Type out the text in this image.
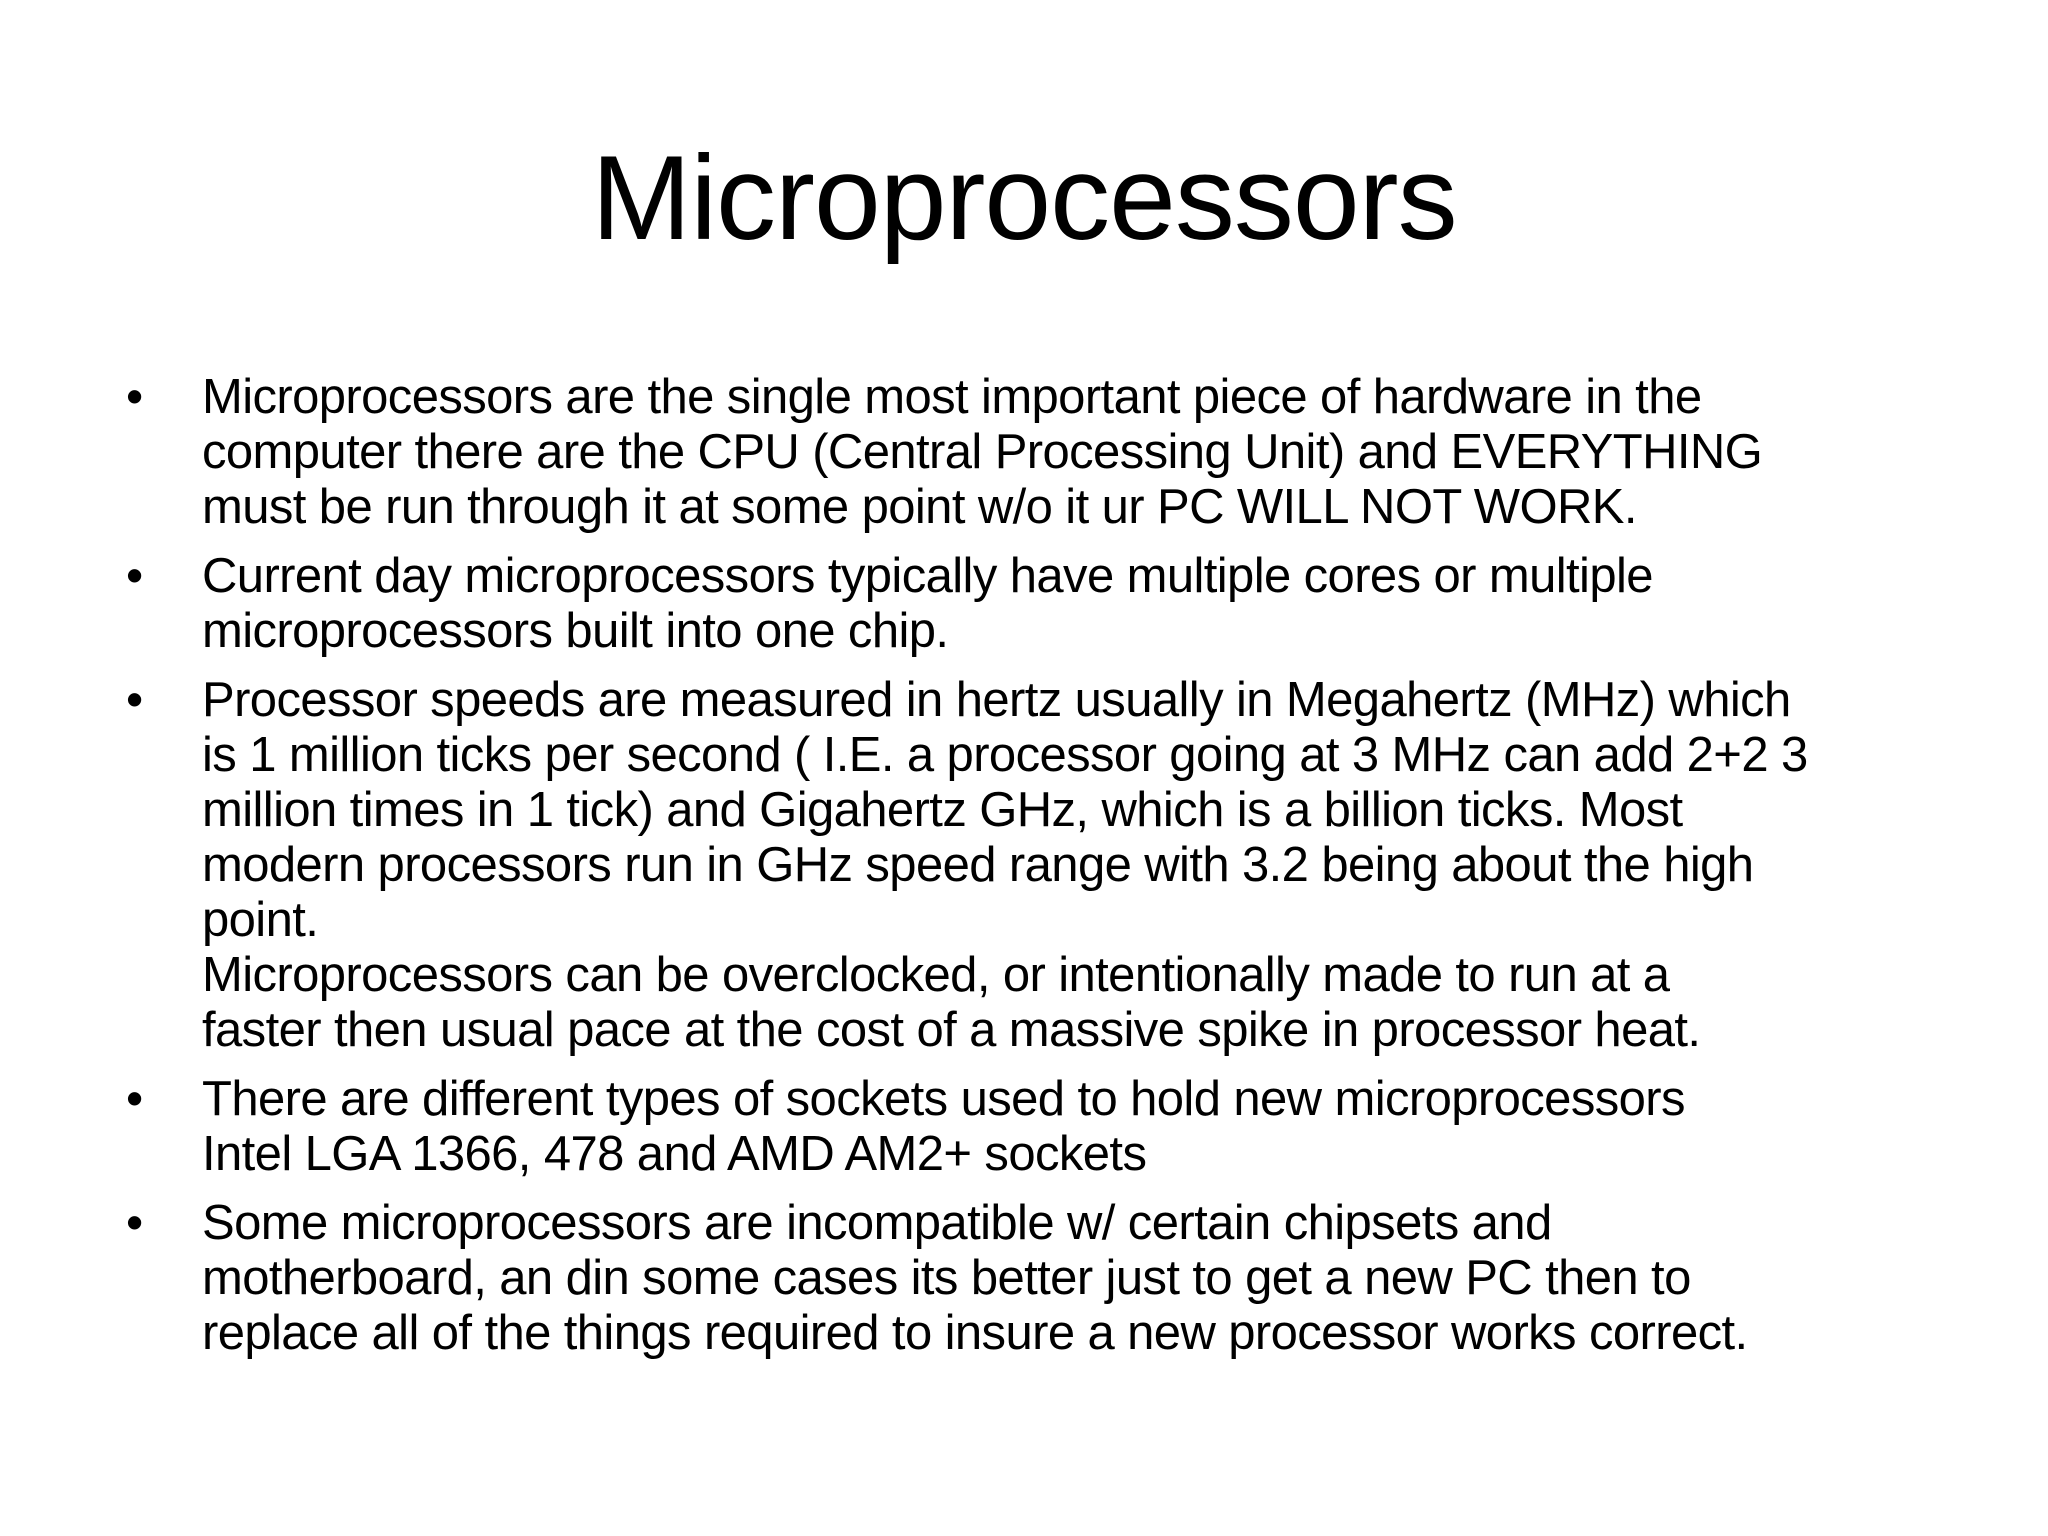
Microprocessors
• Microprocessors are the single most important piece of hardware in the
computer there are the CPU (Central Processing Unit) and EVERYTHING
must be run through it at some point w/o it ur PC WILL NOT WORK.
• Current day microprocessors typically have multiple cores or multiple
microprocessors built into one chip.
• Processor speeds are measured in hertz usually in Megahertz (MHz) which
is 1 million ticks per second ( I.E. a processor going at 3 MHz can add 2+2 3
million times in 1 tick) and Gigahertz GHz, which is a billion ticks. Most
modern processors run in GHz speed range with 3.2 being about the high
point.
Microprocessors can be overclocked, or intentionally made to run at a
faster then usual pace at the cost of a massive spike in processor heat.
• There are different types of sockets used to hold new microprocessors
Intel LGA 1366, 478 and AMD AM2+ sockets
• Some microprocessors are incompatible w/ certain chipsets and
motherboard, an din some cases its better just to get a new PC then to
replace all of the things required to insure a new processor works correct.
